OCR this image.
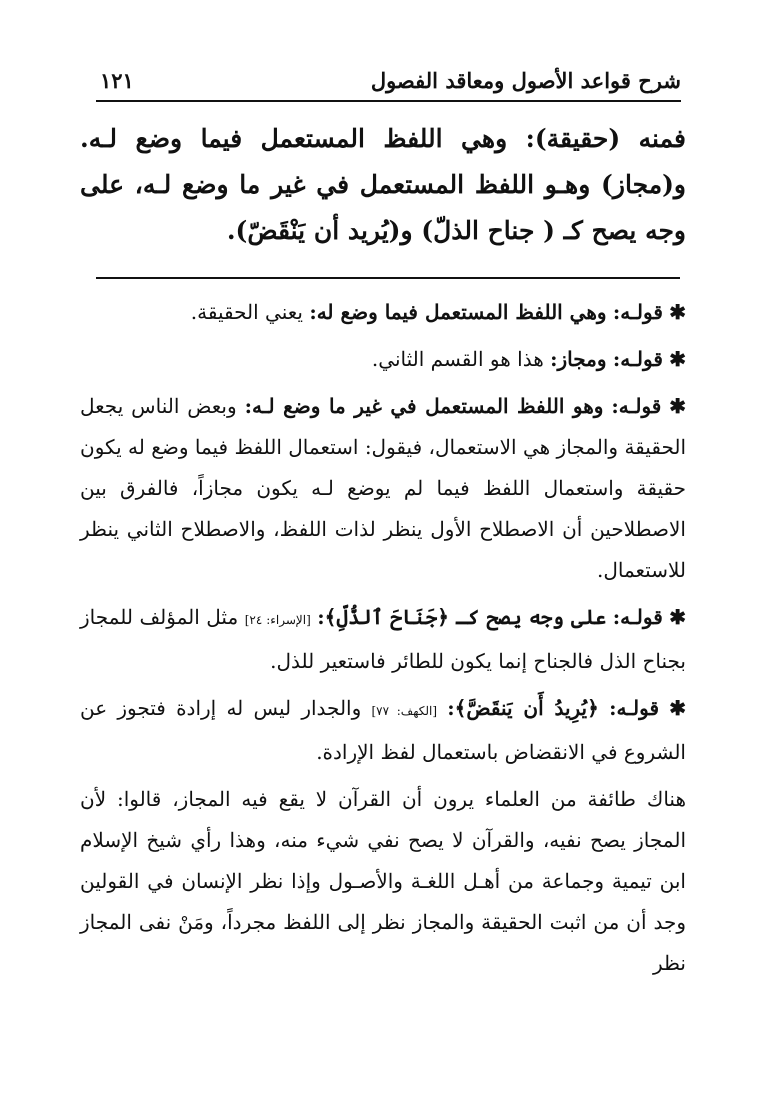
شرح قواعد الأصول ومعاقد الفصول
١٢١

فمنه (حقيقة): وهي اللفظ المستعمل فيما وضع لـه. و(مجاز) وهـو اللفظ المستعمل في غير ما وضع لـه، على وجه يصح كـ ( جناح الذلّ) و(يُريد أن يَنْقَضّ).

✱ قولـه: وهي اللفظ المستعمل فيما وضع له: يعني الحقيقة.

✱ قولـه: ومجاز: هذا هو القسم الثاني.

✱ قولـه: وهو اللفظ المستعمل في غير ما وضع لـه: وبعض الناس يجعل الحقيقة والمجاز هي الاستعمال، فيقول: استعمال اللفظ فيما وضع له يكون حقيقة واستعمال اللفظ فيما لم يوضع لـه يكون مجازاً، فالفرق بين الاصطلاحين أن الاصطلاح الأول ينظر لذات اللفظ، والاصطلاح الثاني ينظر للاستعمال.

✱ قولـه: على وجه يصح كـ ﴿جَنَاحَ ٱلذُّلِّ﴾: [الإسراء: ٢٤] مثل المؤلف للمجاز بجناح الذل فالجناح إنما يكون للطائر فاستعير للذل.

✱ قولـه: ﴿يُرِيدُ أَن يَنقَضَّ﴾: [الكهف: ٧٧] والجدار ليس له إرادة فتجوز عن الشروع في الانقضاض باستعمال لفظ الإرادة.

هناك طائفة من العلماء يرون أن القرآن لا يقع فيه المجاز، قالوا: لأن المجاز يصح نفيه، والقرآن لا يصح نفي شيء منه، وهذا رأي شيخ الإسلام ابن تيمية وجماعة من أهـل اللغـة والأصـول وإذا نظر الإنسان في القولين وجد أن من اثبت الحقيقة والمجاز نظر إلى اللفظ مجرداً، ومَنْ نفى المجاز نظر
